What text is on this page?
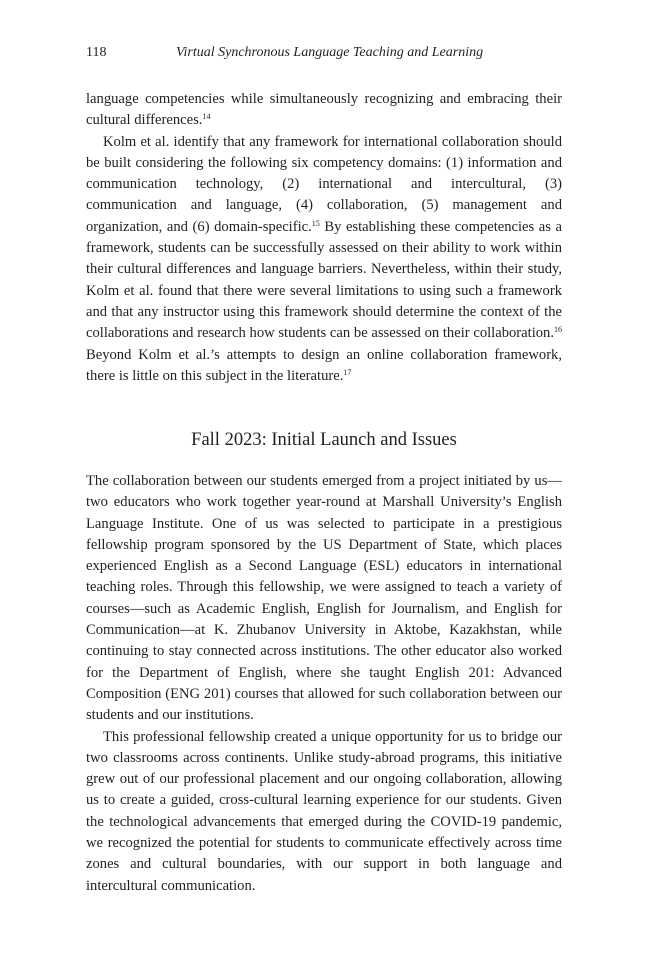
118	Virtual Synchronous Language Teaching and Learning

language competencies while simultaneously recognizing and embracing their cultural differences.$^{14}$

Kolm et al. identify that any framework for international collaboration should be built considering the following six competency domains: (1) information and communication technology, (2) international and intercultural, (3) communication and language, (4) collaboration, (5) management and organization, and (6) domain-specific.$^{15}$ By establishing these competencies as a framework, students can be successfully assessed on their ability to work within their cultural differences and language barriers. Nevertheless, within their study, Kolm et al. found that there were several limitations to using such a framework and that any instructor using this framework should determine the context of the collaborations and research how students can be assessed on their collaboration.$^{16}$ Beyond Kolm et al.’s attempts to design an online collaboration framework, there is little on this subject in the literature.$^{17}$

Fall 2023: Initial Launch and Issues

The collaboration between our students emerged from a project initiated by us—two educators who work together year-round at Marshall University’s English Language Institute. One of us was selected to participate in a prestigious fellowship program sponsored by the US Department of State, which places experienced English as a Second Language (ESL) educators in international teaching roles. Through this fellowship, we were assigned to teach a variety of courses—such as Academic English, English for Journalism, and English for Communication—at K. Zhubanov University in Aktobe, Kazakhstan, while continuing to stay connected across institutions. The other educator also worked for the Department of English, where she taught English 201: Advanced Composition (ENG 201) courses that allowed for such collaboration between our students and our institutions.

This professional fellowship created a unique opportunity for us to bridge our two classrooms across continents. Unlike study-abroad programs, this initiative grew out of our professional placement and our ongoing collaboration, allowing us to create a guided, cross-cultural learning experience for our students. Given the technological advancements that emerged during the COVID-19 pandemic, we recognized the potential for students to communicate effectively across time zones and cultural boundaries, with our support in both language and intercultural communication.
